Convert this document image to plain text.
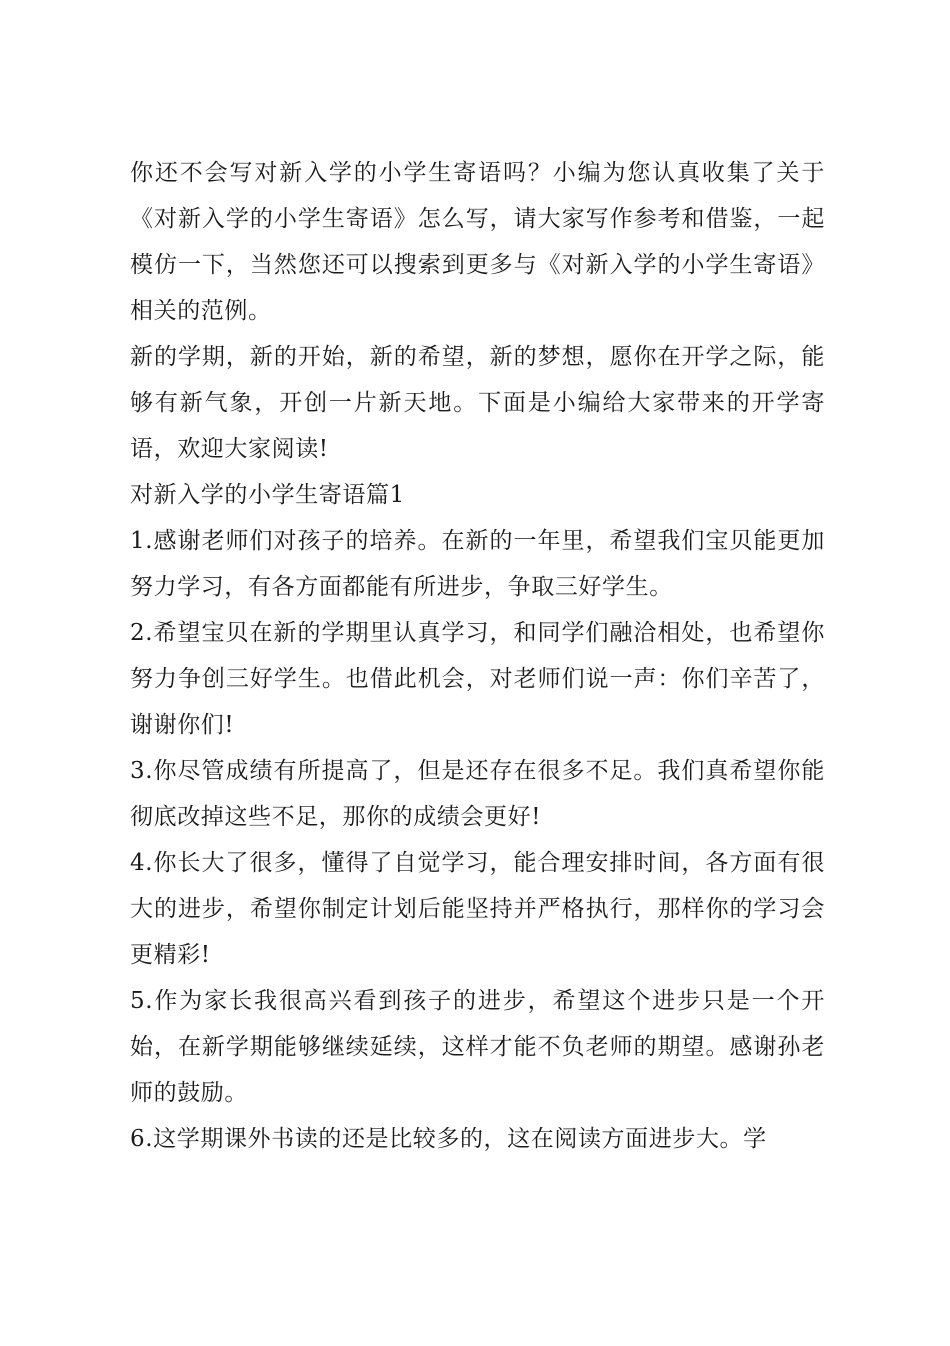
你还不会写对新入学的小学生寄语吗？小编为您认真收集了关于《对新入学的小学生寄语》怎么写，请大家写作参考和借鉴，一起模仿一下，当然您还可以搜索到更多与《对新入学的小学生寄语》相关的范例。

新的学期，新的开始，新的希望，新的梦想，愿你在开学之际，能够有新气象，开创一片新天地。下面是小编给大家带来的开学寄语，欢迎大家阅读!

对新入学的小学生寄语篇1

1.感谢老师们对孩子的培养。在新的一年里，希望我们宝贝能更加努力学习，有各方面都能有所进步，争取三好学生。

2.希望宝贝在新的学期里认真学习，和同学们融洽相处，也希望你努力争创三好学生。也借此机会，对老师们说一声：你们辛苦了，谢谢你们!

3.你尽管成绩有所提高了，但是还存在很多不足。我们真希望你能彻底改掉这些不足，那你的成绩会更好!

4.你长大了很多，懂得了自觉学习，能合理安排时间，各方面有很大的进步，希望你制定计划后能坚持并严格执行，那样你的学习会更精彩!

5.作为家长我很高兴看到孩子的进步，希望这个进步只是一个开始，在新学期能够继续延续，这样才能不负老师的期望。感谢孙老师的鼓励。

6.这学期课外书读的还是比较多的，这在阅读方面进步大。学
